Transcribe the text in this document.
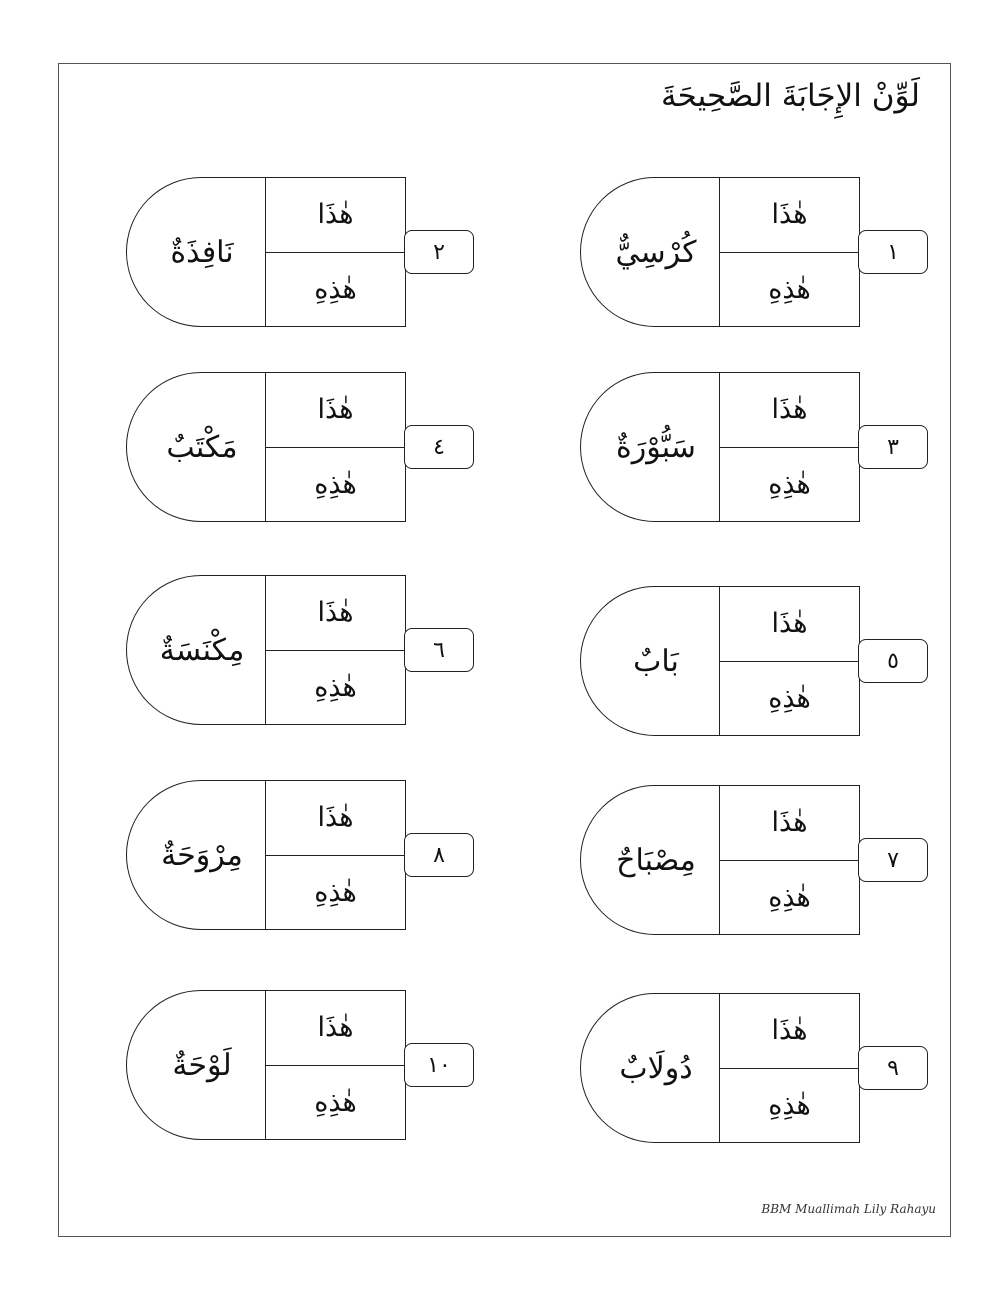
لَوِّنْ الإِجَابَةَ الصَّحِيحَةَ
كُرْسِيٌّ
هٰذَا
هٰذِهِ
١
نَافِذَةٌ
هٰذَا
هٰذِهِ
٢
سَبُّوْرَةٌ
هٰذَا
هٰذِهِ
٣
مَكْتَبٌ
هٰذَا
هٰذِهِ
٤
بَابٌ
هٰذَا
هٰذِهِ
٥
مِكْنَسَةٌ
هٰذَا
هٰذِهِ
٦
مِصْبَاحٌ
هٰذَا
هٰذِهِ
٧
مِرْوَحَةٌ
هٰذَا
هٰذِهِ
٨
دُولَابٌ
هٰذَا
هٰذِهِ
٩
لَوْحَةٌ
هٰذَا
هٰذِهِ
١٠
BBM Muallimah Lily Rahayu
